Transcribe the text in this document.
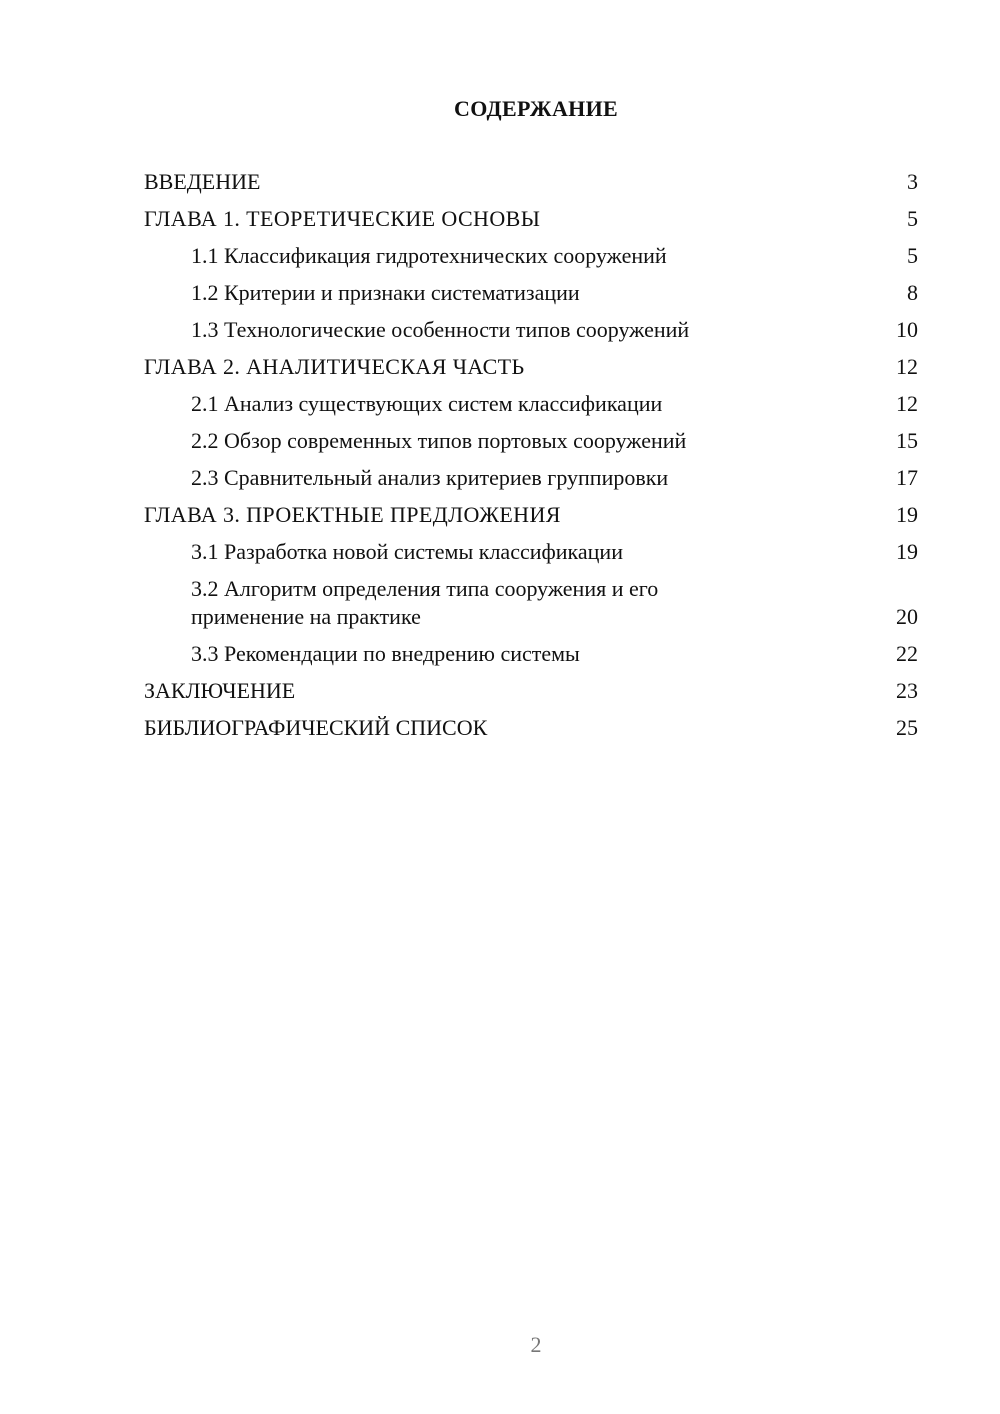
СОДЕРЖАНИЕ
ВВЕДЕНИЕ	3
ГЛАВА 1. ТЕОРЕТИЧЕСКИЕ ОСНОВЫ	5
1.1 Классификация гидротехнических сооружений	5
1.2 Критерии и признаки систематизации	8
1.3 Технологические особенности типов сооружений	10
ГЛАВА 2. АНАЛИТИЧЕСКАЯ ЧАСТЬ	12
2.1 Анализ существующих систем классификации	12
2.2 Обзор современных типов портовых сооружений	15
2.3 Сравнительный анализ критериев группировки	17
ГЛАВА 3. ПРОЕКТНЫЕ ПРЕДЛОЖЕНИЯ	19
3.1 Разработка новой системы классификации	19
3.2 Алгоритм определения типа сооружения и его применение на практике	20
3.3 Рекомендации по внедрению системы	22
ЗАКЛЮЧЕНИЕ	23
БИБЛИОГРАФИЧЕСКИЙ СПИСОК	25
2
